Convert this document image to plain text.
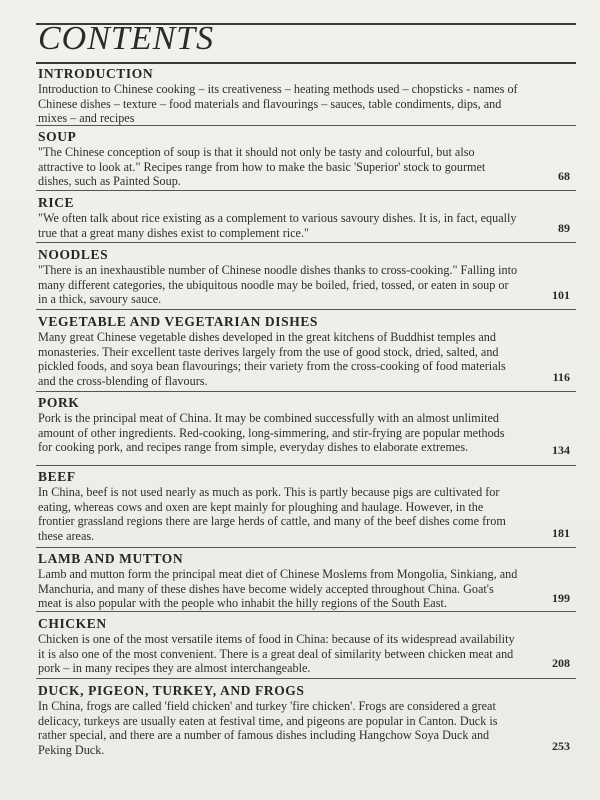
CONTENTS
INTRODUCTION

Introduction to Chinese cooking – its creativeness – heating methods used – chopsticks - names of Chinese dishes – texture – food materials and flavourings – sauces, table condiments, dips, and mixes – and recipes

SOUP

"The Chinese conception of soup is that it should not only be tasty and colourful, but also attractive to look at." Recipes range from how to make the basic 'Superior' stock to gourmet dishes, such as Painted Soup.	68
RICE

"We often talk about rice existing as a complement to various savoury dishes. It is, in fact, equally true that a great many dishes exist to complement rice."	89
NOODLES

"There is an inexhaustible number of Chinese noodle dishes thanks to cross-cooking." Falling into many different categories, the ubiquitous noodle may be boiled, fried, tossed, or eaten in soup or in a thick, savoury sauce.	101
VEGETABLE AND VEGETARIAN DISHES

Many great Chinese vegetable dishes developed in the great kitchens of Buddhist temples and monasteries. Their excellent taste derives largely from the use of good stock, dried, salted, and pickled foods, and soya bean flavourings; their variety from the cross-cooking of food materials and the cross-blending of flavours.	116
PORK

Pork is the principal meat of China. It may be combined successfully with an almost unlimited amount of other ingredients. Red-cooking, long-simmering, and stir-frying are popular methods for cooking pork, and recipes range from simple, everyday dishes to elaborate extremes.	134
BEEF

In China, beef is not used nearly as much as pork. This is partly because pigs are cultivated for eating, whereas cows and oxen are kept mainly for ploughing and haulage. However, in the frontier grassland regions there are large herds of cattle, and many of the beef dishes come from these areas.	181
LAMB AND MUTTON

Lamb and mutton form the principal meat diet of Chinese Moslems from Mongolia, Sinkiang, and Manchuria, and many of these dishes have become widely accepted throughout China. Goat's meat is also popular with the people who inhabit the hilly regions of the South East.	199
CHICKEN

Chicken is one of the most versatile items of food in China: because of its widespread availability it is also one of the most convenient. There is a great deal of similarity between chicken meat and pork – in many recipes they are almost interchangeable.	208
DUCK, PIGEON, TURKEY, AND FROGS

In China, frogs are called 'field chicken' and turkey 'fire chicken'. Frogs are considered a great delicacy, turkeys are usually eaten at festival time, and pigeons are popular in Canton. Duck is rather special, and there are a number of famous dishes including Hangchow Soya Duck and Peking Duck.	253
